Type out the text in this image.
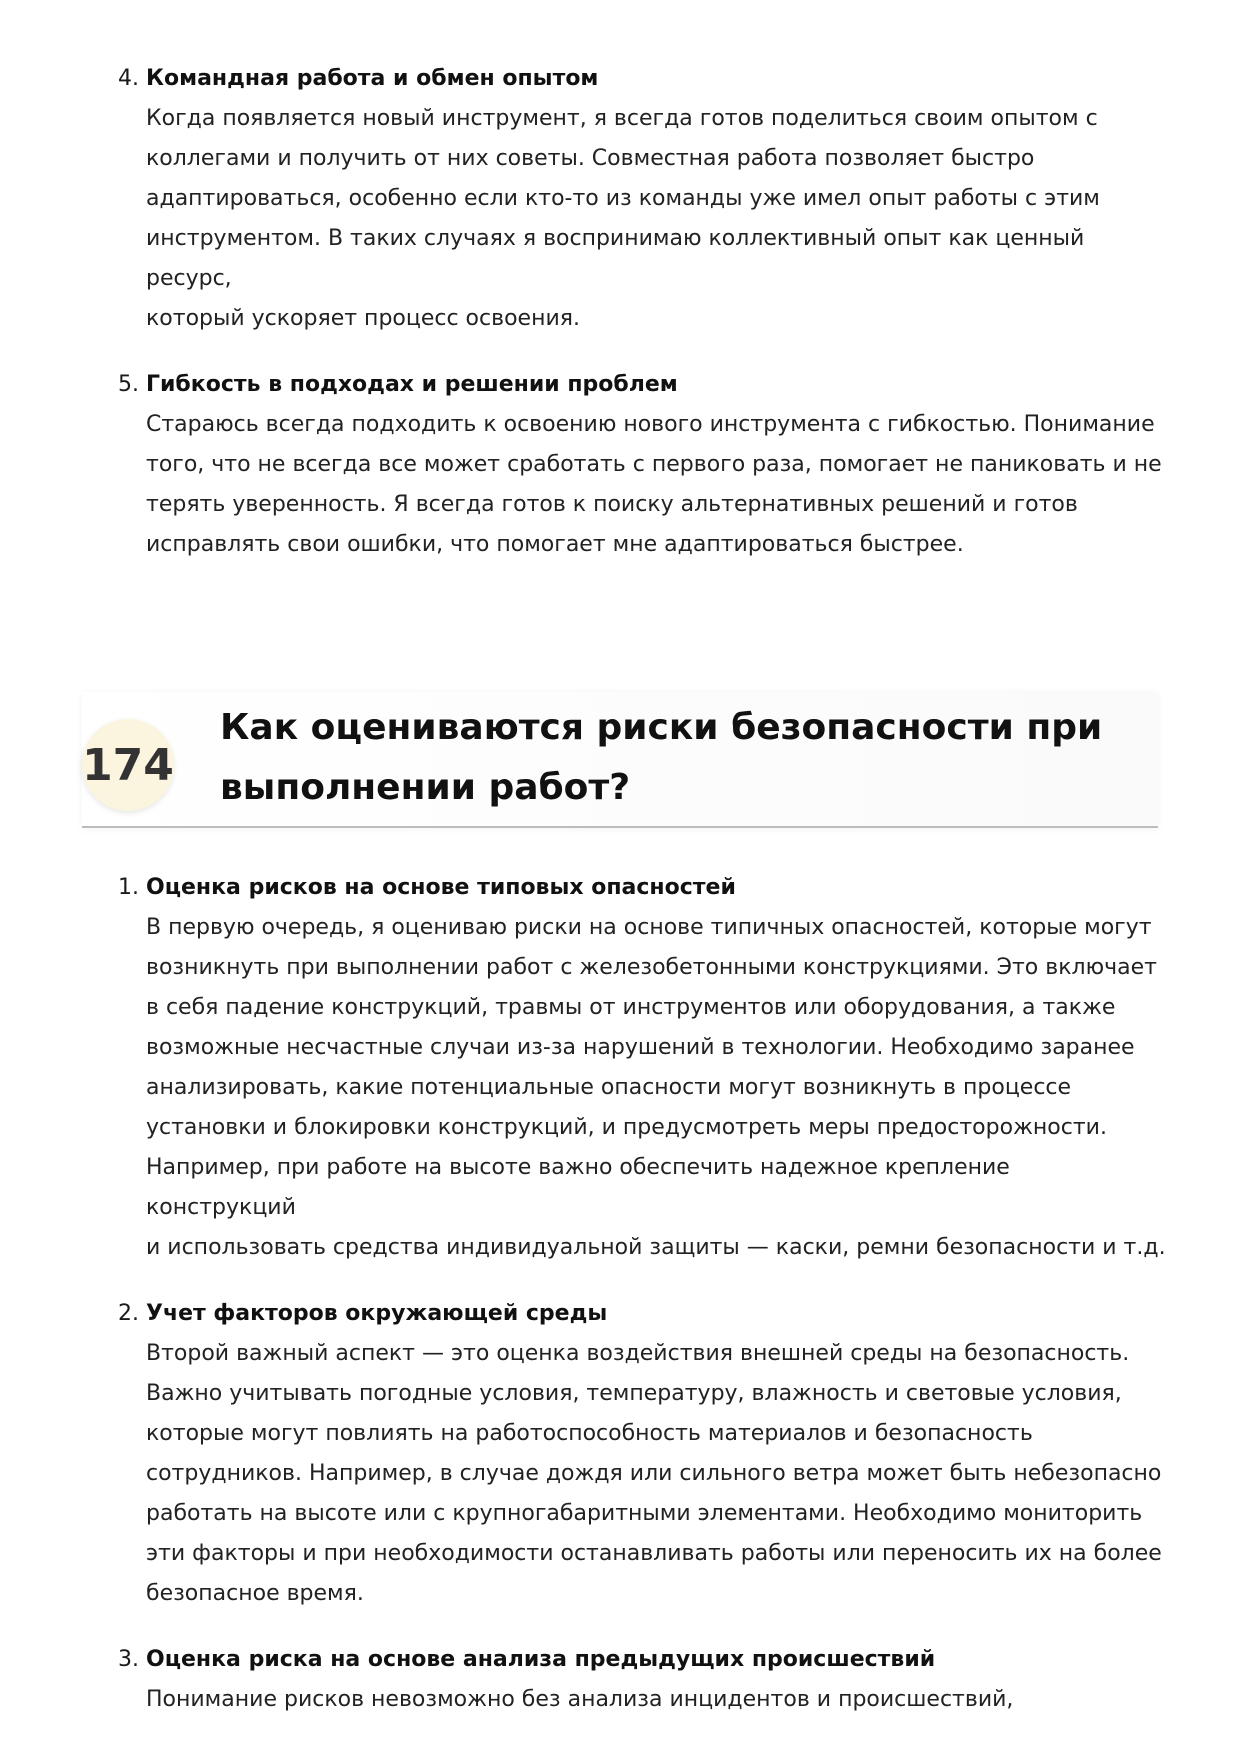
4. Командная работа и обмен опытом
Когда появляется новый инструмент, я всегда готов поделиться своим опытом с
коллегами и получить от них советы. Совместная работа позволяет быстро
адаптироваться, особенно если кто-то из команды уже имел опыт работы с этим
инструментом. В таких случаях я воспринимаю коллективный опыт как ценный ресурс,
который ускоряет процесс освоения.
5. Гибкость в подходах и решении проблем
Стараюсь всегда подходить к освоению нового инструмента с гибкостью. Понимание
того, что не всегда все может сработать с первого раза, помогает не паниковать и не
терять уверенность. Я всегда готов к поиску альтернативных решений и готов
исправлять свои ошибки, что помогает мне адаптироваться быстрее.
174
Как оцениваются риски безопасности при
выполнении работ?
1. Оценка рисков на основе типовых опасностей
В первую очередь, я оцениваю риски на основе типичных опасностей, которые могут
возникнуть при выполнении работ с железобетонными конструкциями. Это включает
в себя падение конструкций, травмы от инструментов или оборудования, а также
возможные несчастные случаи из-за нарушений в технологии. Необходимо заранее
анализировать, какие потенциальные опасности могут возникнуть в процессе
установки и блокировки конструкций, и предусмотреть меры предосторожности.
Например, при работе на высоте важно обеспечить надежное крепление конструкций
и использовать средства индивидуальной защиты — каски, ремни безопасности и т.д.
2. Учет факторов окружающей среды
Второй важный аспект — это оценка воздействия внешней среды на безопасность.
Важно учитывать погодные условия, температуру, влажность и световые условия,
которые могут повлиять на работоспособность материалов и безопасность
сотрудников. Например, в случае дождя или сильного ветра может быть небезопасно
работать на высоте или с крупногабаритными элементами. Необходимо мониторить
эти факторы и при необходимости останавливать работы или переносить их на более
безопасное время.
3. Оценка риска на основе анализа предыдущих происшествий
Понимание рисков невозможно без анализа инцидентов и происшествий,
